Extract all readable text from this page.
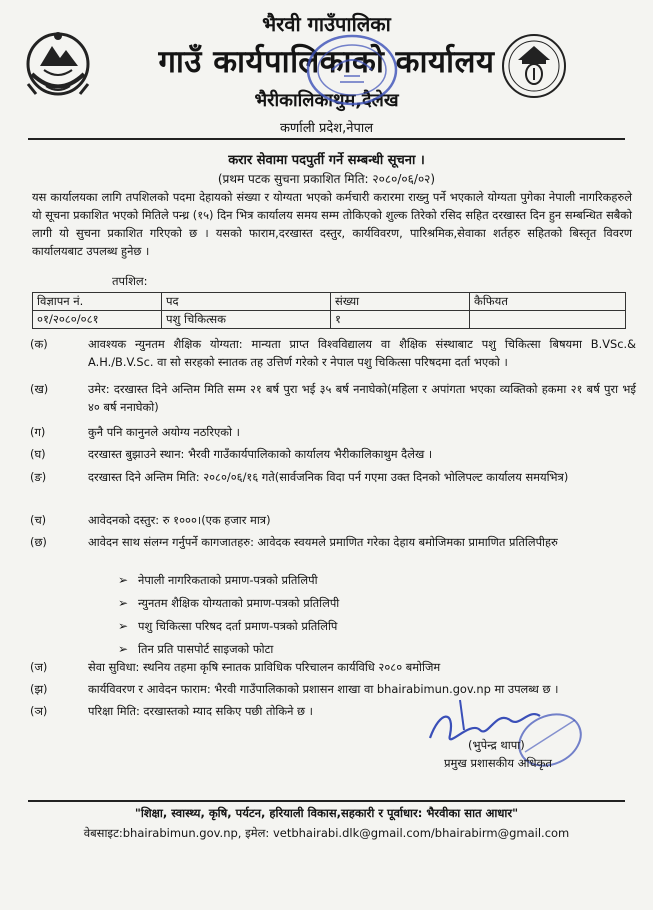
भैरवी गाउँपालिका
गाउँ कार्यपालिकाको कार्यालय
भैरीकालिकाथुम,दैलेख
कर्णाली प्रदेश,नेपाल
करार सेवामा पदपुर्ती गर्ने सम्बन्धी सूचना ।
(प्रथम पटक सुचना प्रकाशित मिति: २०८०/०६/०२)

यस कार्यालयका लागि तपशिलको पदमा देहायको संख्या र योग्यता भएको कर्मचारी करारमा राख्नु पर्ने भएकाले योग्यता पुगेका नेपाली नागरिकहरुले यो सूचना प्रकाशित भएको मितिले पन्ध्र (१५) दिन भित्र कार्यालय समय सम्म तोकिएको शुल्क तिरेको रसिद सहित दरखास्त दिन हुन सम्बन्धित सबैको लागी यो सुचना प्रकाशित गरिएको छ । यसको फाराम,दरखास्त दस्तुर, कार्यविवरण, पारिश्रमिक,सेवाका शर्तहरु सहितको बिस्तृत विवरण कार्यालयबाट उपलब्ध हुनेछ ।

तपशिल:
विज्ञापन नं.	पद	संख्या	कैफियत
०१/२०८०/०८१	पशु चिकित्सक	१	
(क)	आवश्यक न्युनतम शैक्षिक योग्यता: मान्यता प्राप्त विश्वविद्यालय वा शैक्षिक संस्थाबाट पशु चिकित्सा बिषयमा B.VSc.& A.H./B.V.Sc. वा सो सरहको स्नातक तह उत्तिर्ण गरेको र नेपाल पशु चिकित्सा परिषदमा दर्ता भएको ।
(ख)	उमेर: दरखास्त दिने अन्तिम मिति सम्म २१ बर्ष पुरा भई ३५ बर्ष ननाघेको(महिला र अपांगता भएका व्यक्तिको हकमा २१ बर्ष पुरा भई ४० बर्ष ननाघेको)
(ग)	कुनै पनि कानुनले अयोग्य नठरिएको ।
(घ)	दरखास्त बुझाउने स्थान: भैरवी गाउँकार्यपालिकाको कार्यालय भैरीकालिकाथुम दैलेख ।
(ङ)	दरखास्त दिने अन्तिम मिति: २०८०/०६/१६ गते(सार्वजनिक विदा पर्न गएमा उक्त दिनको भोलिपल्ट कार्यालय समयभित्र)
(च)	आवेदनको दस्तुर: रु १०००।(एक हजार मात्र)
(छ)	आवेदन साथ संलग्न गर्नुपर्ने कागजातहरु: आवेदक स्वयमले प्रमाणित गरेका देहाय बमोजिमका प्रामाणित प्रतिलिपीहरु
(ज)	सेवा सुविधा: स्थनिय तहमा कृषि स्नातक प्राविधिक परिचालन कार्यविधि २०८० बमोजिम
(झ)	कार्यविवरण र आवेदन फाराम: भैरवी गाउँपालिकाको प्रशासन शाखा वा bhairabimun.gov.np मा उपलब्ध छ ।
(ञ)	परिक्षा मिति: दरखास्तको म्याद सकिए पछी तोकिने छ ।
➢ नेपाली नागरिकताको प्रमाण-पत्रको प्रतिलिपी
➢ न्युनतम शैक्षिक योग्यताको प्रमाण-पत्रको प्रतिलिपी
➢ पशु चिकित्सा परिषद दर्ता प्रमाण-पत्रको प्रतिलिपि
➢ तिन प्रति पासपोर्ट साइजको फोटा
(भुपेन्द्र थापा)
प्रमुख प्रशासकीय अधिकृत
"शिक्षा, स्वास्थ्य, कृषि, पर्यटन, हरियाली विकास,सहकारी र पूर्वाधार: भैरवीका सात आधार"
वेबसाइट:bhairabimun.gov.np, इमेल: vetbhairabi.dlk@gmail.com/bhairabirm@gmail.com
